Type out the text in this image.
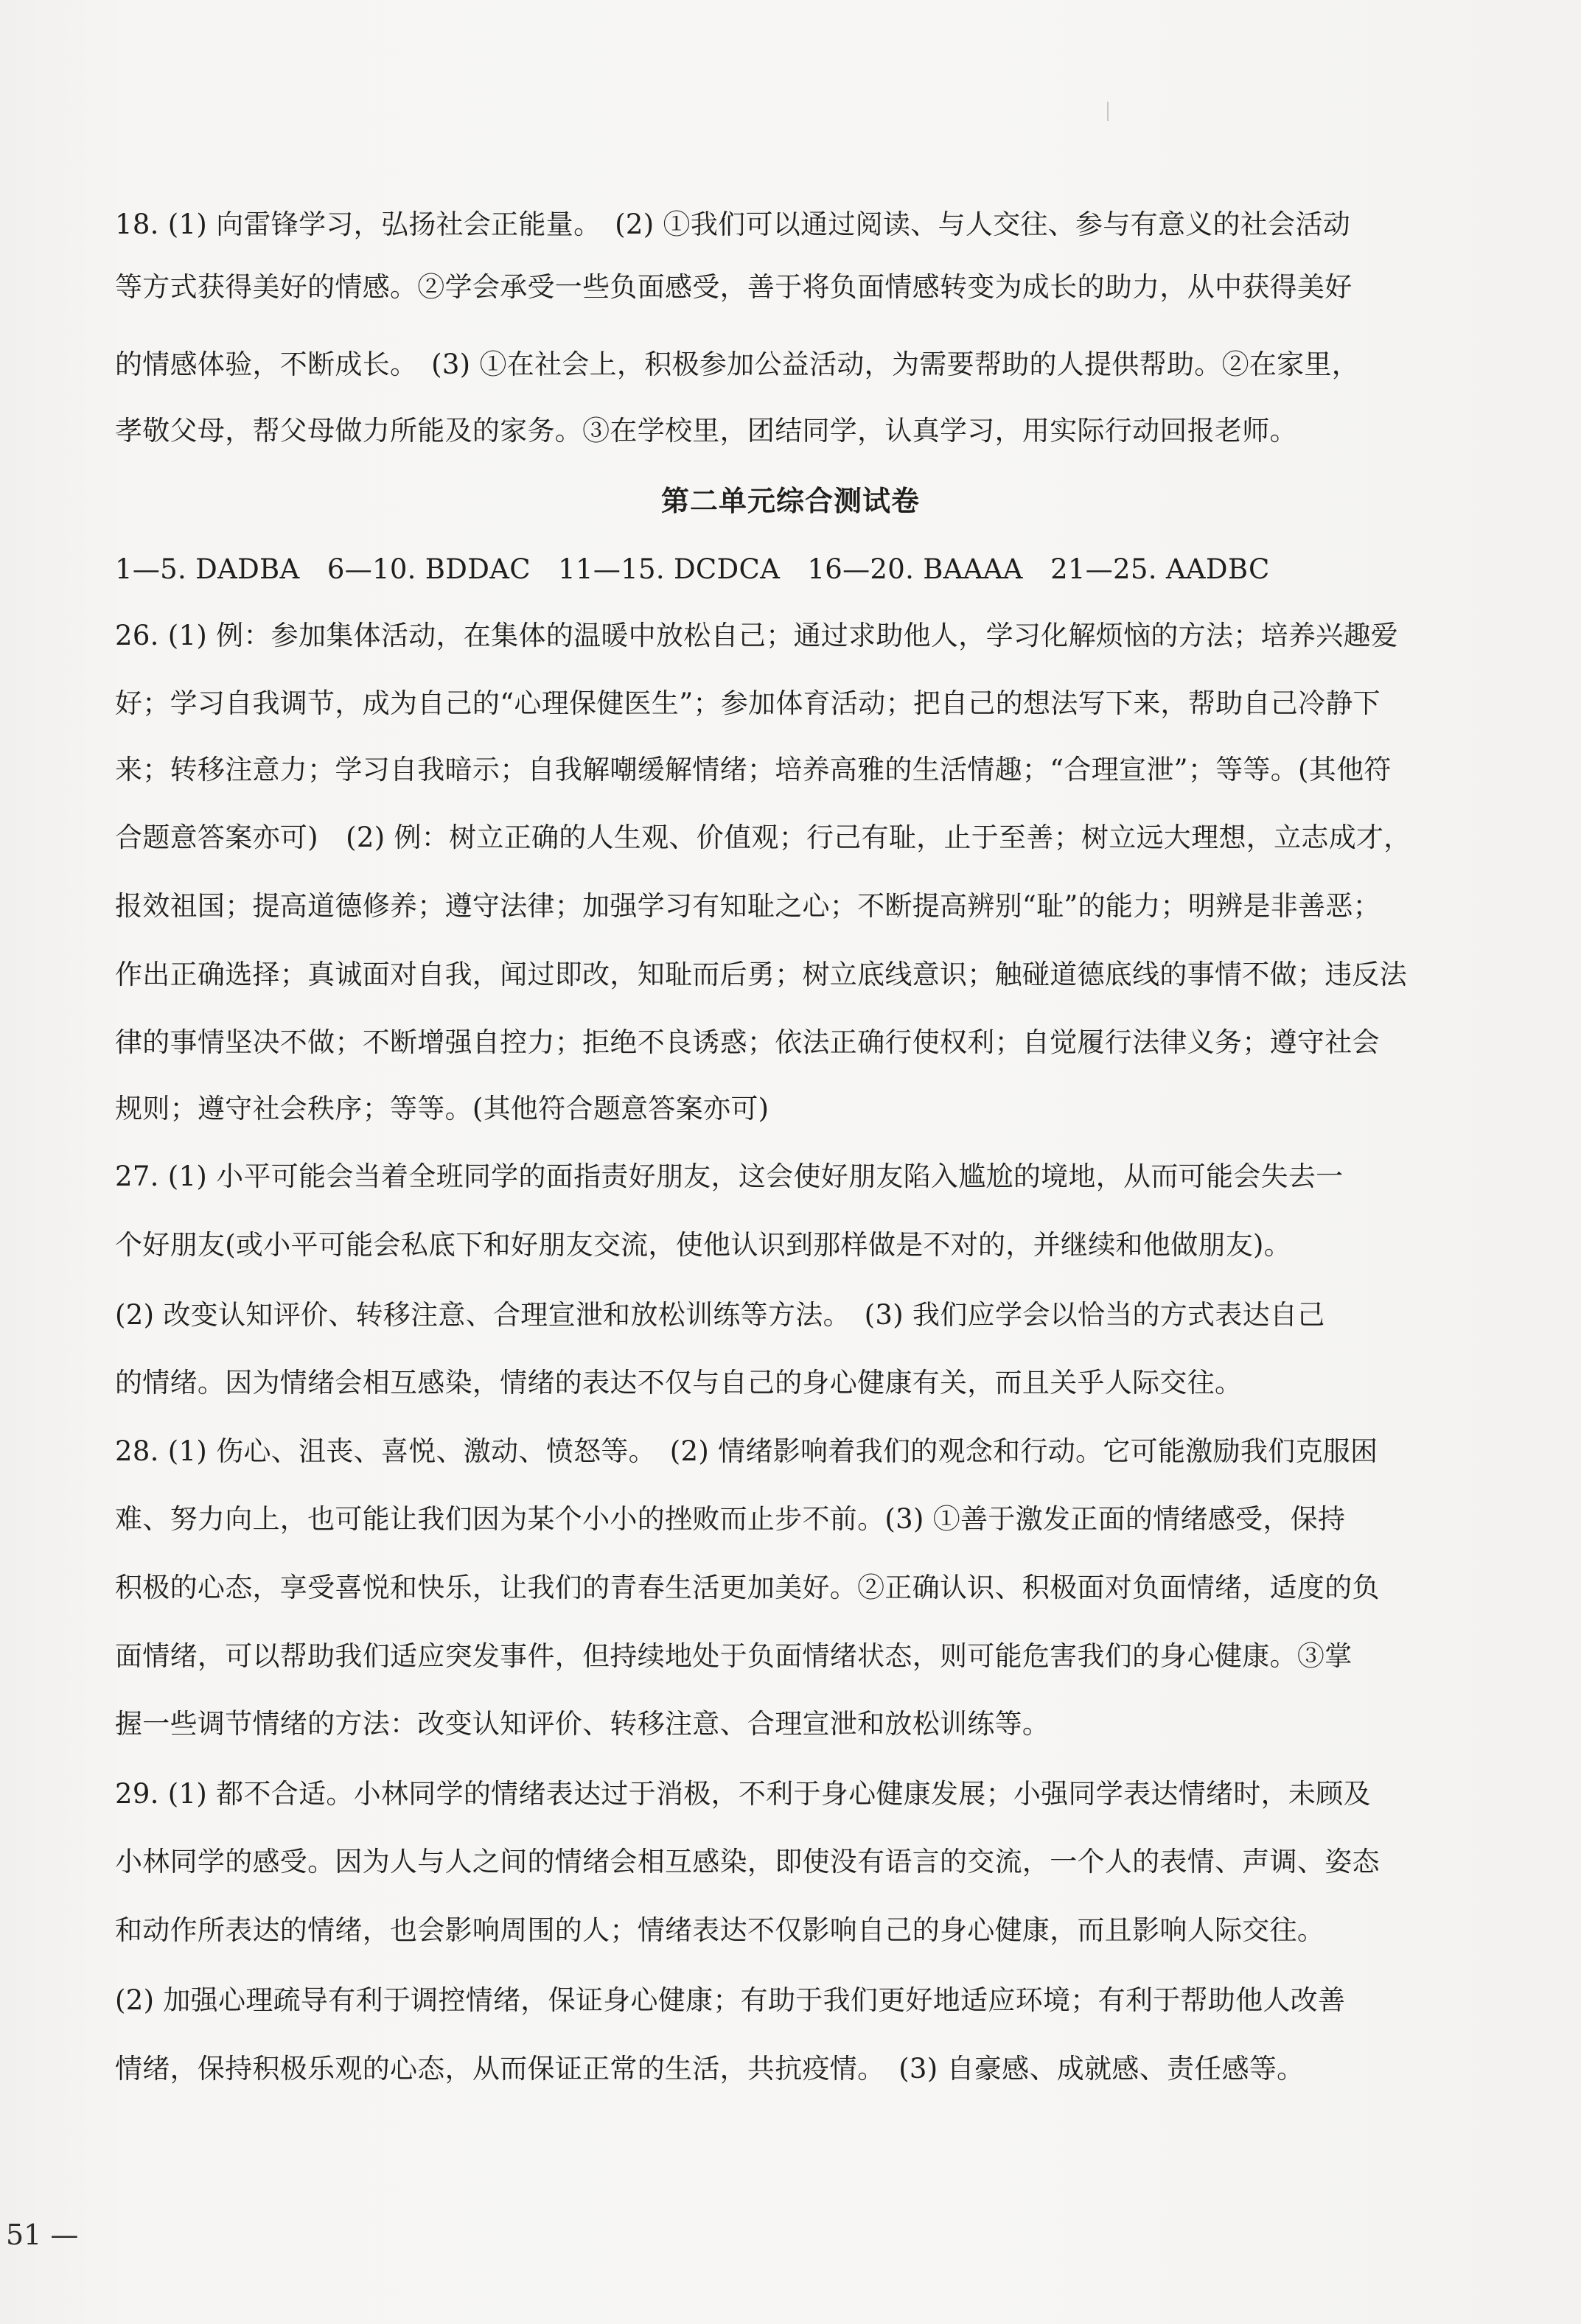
18. (1) 向雷锋学习，弘扬社会正能量。　(2) ①我们可以通过阅读、与人交往、参与有意义的社会活动
等方式获得美好的情感。②学会承受一些负面感受，善于将负面情感转变为成长的助力，从中获得美好
的情感体验，不断成长。　(3) ①在社会上，积极参加公益活动，为需要帮助的人提供帮助。②在家里，
孝敬父母，帮父母做力所能及的家务。③在学校里，团结同学，认真学习，用实际行动回报老师。
第二单元综合测试卷
1—5. DADBA　6—10. BDDAC　11—15. DCDCA　16—20. BAAAA　21—25. AADBC
26. (1) 例：参加集体活动，在集体的温暖中放松自己；通过求助他人，学习化解烦恼的方法；培养兴趣爱
好；学习自我调节，成为自己的“心理保健医生”；参加体育活动；把自己的想法写下来，帮助自己冷静下
来；转移注意力；学习自我暗示；自我解嘲缓解情绪；培养高雅的生活情趣；“合理宣泄”；等等。(其他符
合题意答案亦可)　(2) 例：树立正确的人生观、价值观；行己有耻，止于至善；树立远大理想，立志成才，
报效祖国；提高道德修养；遵守法律；加强学习有知耻之心；不断提高辨别“耻”的能力；明辨是非善恶；
作出正确选择；真诚面对自我，闻过即改，知耻而后勇；树立底线意识；触碰道德底线的事情不做；违反法
律的事情坚决不做；不断增强自控力；拒绝不良诱惑；依法正确行使权利；自觉履行法律义务；遵守社会
规则；遵守社会秩序；等等。(其他符合题意答案亦可)
27. (1) 小平可能会当着全班同学的面指责好朋友，这会使好朋友陷入尴尬的境地，从而可能会失去一
个好朋友(或小平可能会私底下和好朋友交流，使他认识到那样做是不对的，并继续和他做朋友)。
(2) 改变认知评价、转移注意、合理宣泄和放松训练等方法。　(3) 我们应学会以恰当的方式表达自己
的情绪。因为情绪会相互感染，情绪的表达不仅与自己的身心健康有关，而且关乎人际交往。
28. (1) 伤心、沮丧、喜悦、激动、愤怒等。　(2) 情绪影响着我们的观念和行动。它可能激励我们克服困
难、努力向上，也可能让我们因为某个小小的挫败而止步不前。(3) ①善于激发正面的情绪感受，保持
积极的心态，享受喜悦和快乐，让我们的青春生活更加美好。②正确认识、积极面对负面情绪，适度的负
面情绪，可以帮助我们适应突发事件，但持续地处于负面情绪状态，则可能危害我们的身心健康。③掌
握一些调节情绪的方法：改变认知评价、转移注意、合理宣泄和放松训练等。
29. (1) 都不合适。小林同学的情绪表达过于消极，不利于身心健康发展；小强同学表达情绪时，未顾及
小林同学的感受。因为人与人之间的情绪会相互感染，即使没有语言的交流，一个人的表情、声调、姿态
和动作所表达的情绪，也会影响周围的人；情绪表达不仅影响自己的身心健康，而且影响人际交往。
(2) 加强心理疏导有利于调控情绪，保证身心健康；有助于我们更好地适应环境；有利于帮助他人改善
情绪，保持积极乐观的心态，从而保证正常的生活，共抗疫情。　(3) 自豪感、成就感、责任感等。
51 —
